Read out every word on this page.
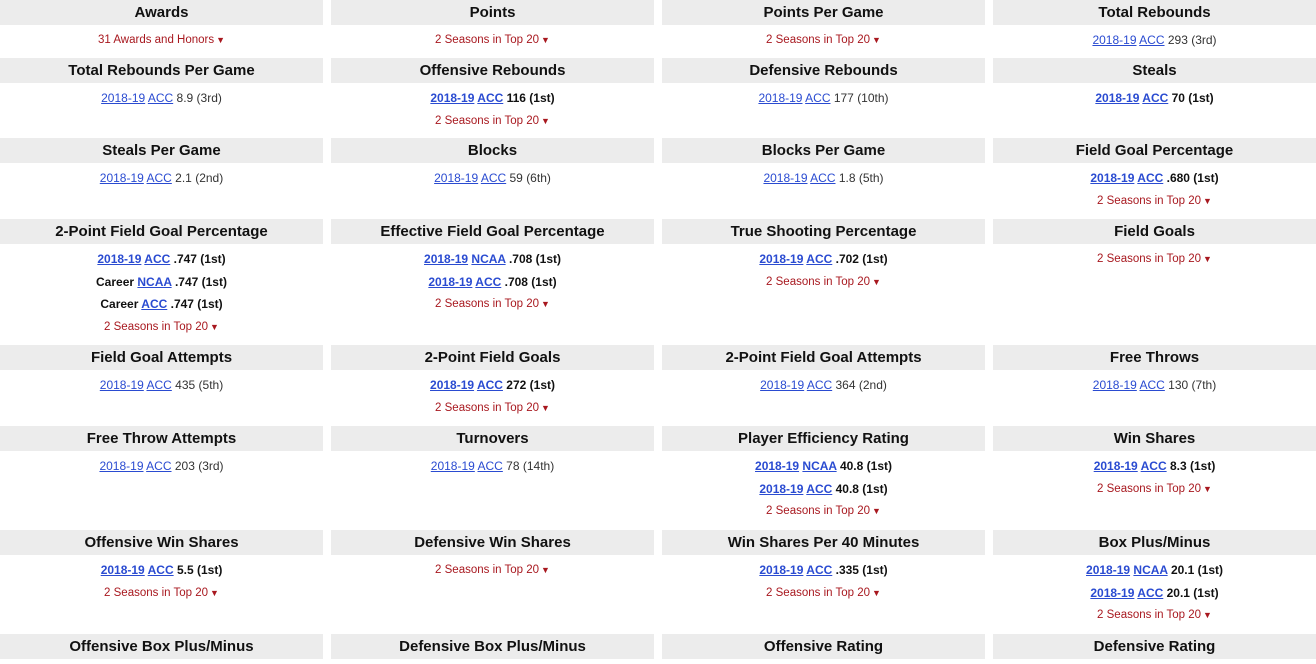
Awards
31 Awards and Honors ▼
Points
2 Seasons in Top 20 ▼
Points Per Game
2 Seasons in Top 20 ▼
Total Rebounds
2018-19 ACC 293 (3rd)
Total Rebounds Per Game
2018-19 ACC 8.9 (3rd)
Offensive Rebounds
2018-19 ACC 116 (1st)
2 Seasons in Top 20 ▼
Defensive Rebounds
2018-19 ACC 177 (10th)
Steals
2018-19 ACC 70 (1st)
Steals Per Game
2018-19 ACC 2.1 (2nd)
Blocks
2018-19 ACC 59 (6th)
Blocks Per Game
2018-19 ACC 1.8 (5th)
Field Goal Percentage
2018-19 ACC .680 (1st)
2 Seasons in Top 20 ▼
2-Point Field Goal Percentage
2018-19 ACC .747 (1st)
Career NCAA .747 (1st)
Career ACC .747 (1st)
2 Seasons in Top 20 ▼
Effective Field Goal Percentage
2018-19 NCAA .708 (1st)
2018-19 ACC .708 (1st)
2 Seasons in Top 20 ▼
True Shooting Percentage
2018-19 ACC .702 (1st)
2 Seasons in Top 20 ▼
Field Goals
2 Seasons in Top 20 ▼
Field Goal Attempts
2018-19 ACC 435 (5th)
2-Point Field Goals
2018-19 ACC 272 (1st)
2 Seasons in Top 20 ▼
2-Point Field Goal Attempts
2018-19 ACC 364 (2nd)
Free Throws
2018-19 ACC 130 (7th)
Free Throw Attempts
2018-19 ACC 203 (3rd)
Turnovers
2018-19 ACC 78 (14th)
Player Efficiency Rating
2018-19 NCAA 40.8 (1st)
2018-19 ACC 40.8 (1st)
2 Seasons in Top 20 ▼
Win Shares
2018-19 ACC 8.3 (1st)
2 Seasons in Top 20 ▼
Offensive Win Shares
2018-19 ACC 5.5 (1st)
2 Seasons in Top 20 ▼
Defensive Win Shares
2 Seasons in Top 20 ▼
Win Shares Per 40 Minutes
2018-19 ACC .335 (1st)
2 Seasons in Top 20 ▼
Box Plus/Minus
2018-19 NCAA 20.1 (1st)
2018-19 ACC 20.1 (1st)
2 Seasons in Top 20 ▼
Offensive Box Plus/Minus	Defensive Box Plus/Minus	Offensive Rating	Defensive Rating
